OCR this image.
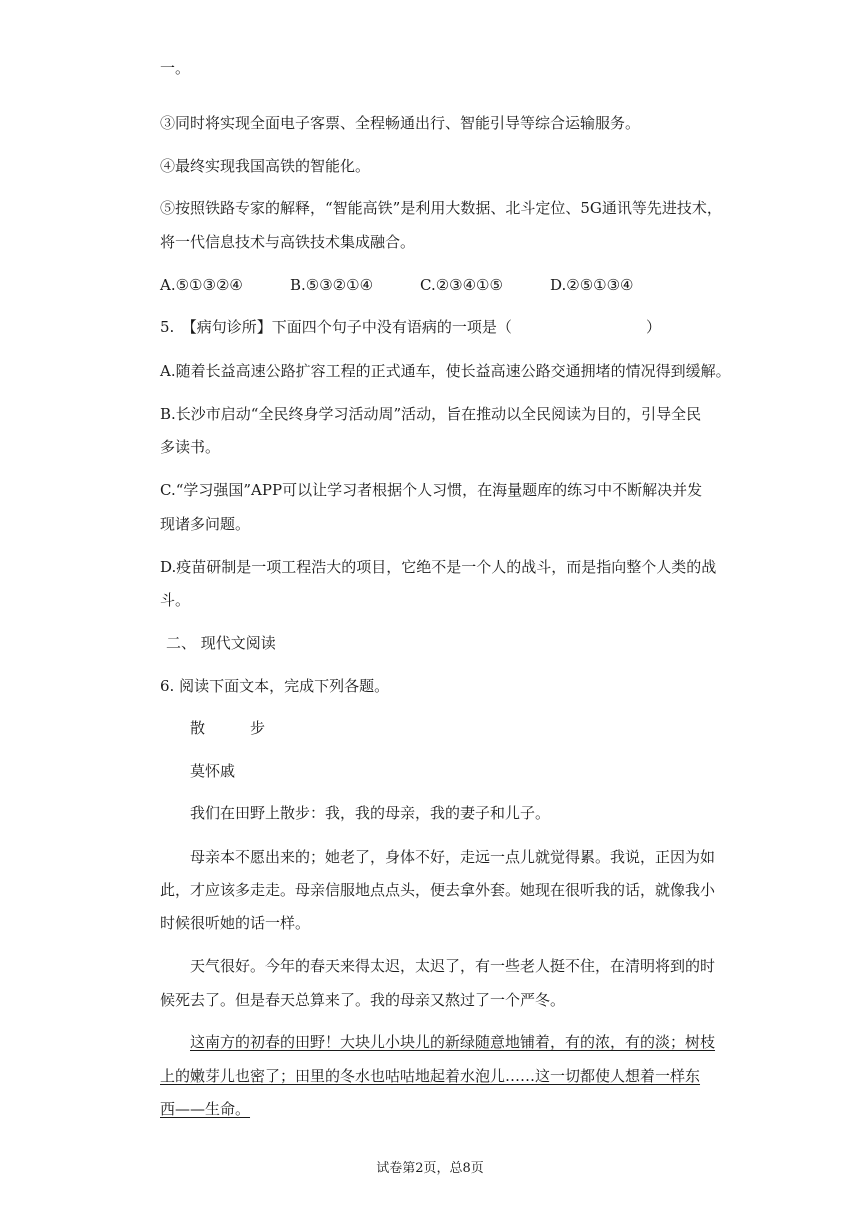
一。
③同时将实现全面电子客票、全程畅通出行、智能引导等综合运输服务。
④最终实现我国高铁的智能化。
⑤按照铁路专家的解释，“智能高铁”是利用大数据、北斗定位、5G通讯等先进技术，
将一代信息技术与高铁技术集成融合。
A.⑤①③②④	B.⑤③②①④	C.②③④①⑤	D.②⑤①③④
5.　【病句诊所】下面四个句子中没有语病的一项是（	）
A.随着长益高速公路扩容工程的正式通车，使长益高速公路交通拥堵的情况得到缓解。
B.长沙市启动“全民终身学习活动周”活动，旨在推动以全民阅读为目的，引导全民
多读书。
C.“学习强国”APP可以让学习者根据个人习惯，在海量题库的练习中不断解决并发
现诸多问题。
D.疫苗研制是一项工程浩大的项目，它绝不是一个人的战斗，而是指向整个人类的战
斗。
二、 现代文阅读
6. 阅读下面文本，完成下列各题。
散　　　步
莫怀戚
我们在田野上散步：我，我的母亲，我的妻子和儿子。
母亲本不愿出来的；她老了，身体不好，走远一点儿就觉得累。我说，正因为如
此，才应该多走走。母亲信服地点点头，便去拿外套。她现在很听我的话，就像我小
时候很听她的话一样。
天气很好。今年的春天来得太迟，太迟了，有一些老人挺不住，在清明将到的时
候死去了。但是春天总算来了。我的母亲又熬过了一个严冬。
这南方的初春的田野！大块儿小块儿的新绿随意地铺着，有的浓，有的淡；树枝
上的嫩芽儿也密了；田里的冬水也咕咕地起着水泡儿……这一切都使人想着一样东
西——生命。
试卷第2页，总8页
